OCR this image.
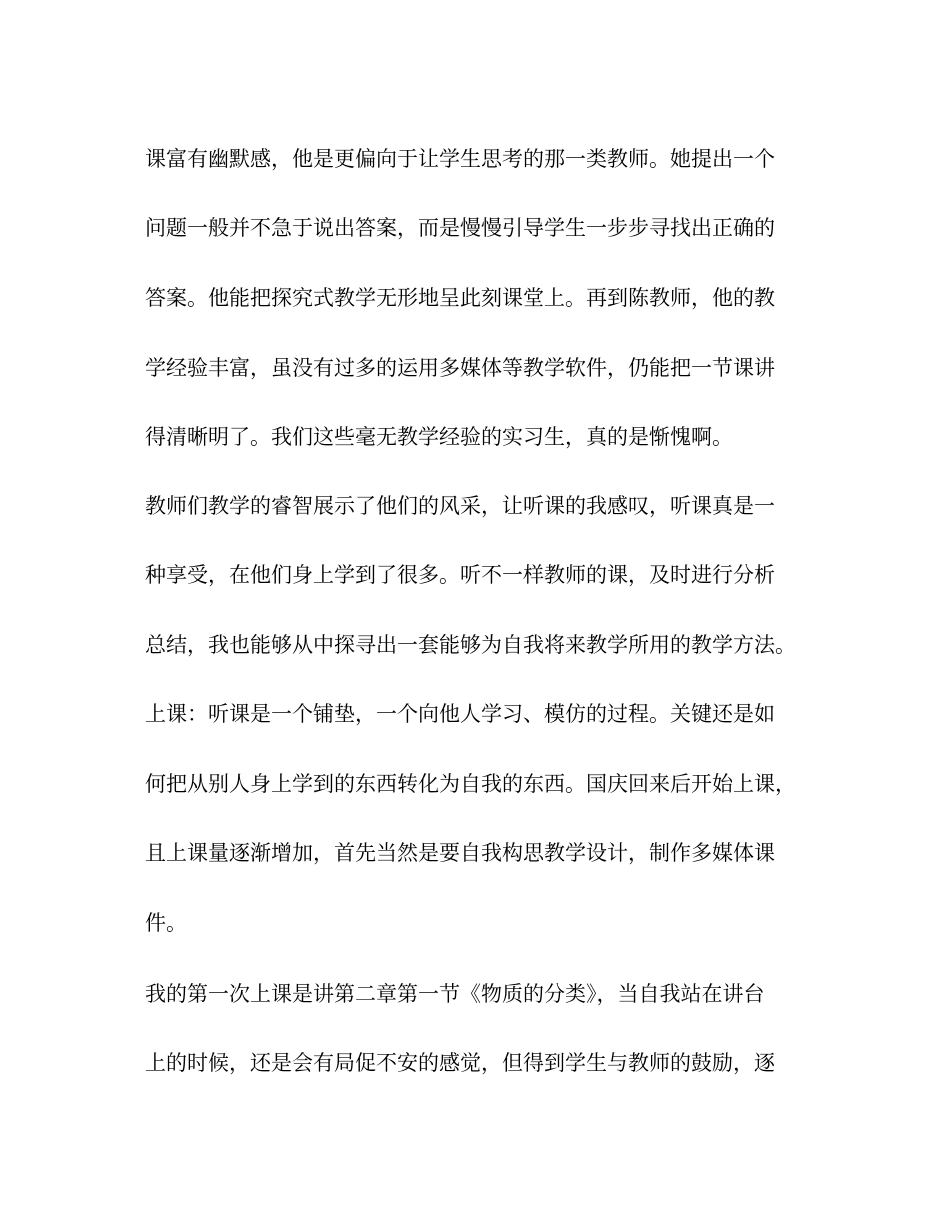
课富有幽默感，他是更偏向于让学生思考的那一类教师。她提出一个
问题一般并不急于说出答案，而是慢慢引导学生一步步寻找出正确的
答案。他能把探究式教学无形地呈此刻课堂上。再到陈教师，他的教
学经验丰富，虽没有过多的运用多媒体等教学软件，仍能把一节课讲
得清晰明了。我们这些毫无教学经验的实习生，真的是惭愧啊。
教师们教学的睿智展示了他们的风采，让听课的我感叹，听课真是一
种享受，在他们身上学到了很多。听不一样教师的课，及时进行分析
总结，我也能够从中探寻出一套能够为自我将来教学所用的教学方法。
上课：听课是一个铺垫，一个向他人学习、模仿的过程。关键还是如
何把从别人身上学到的东西转化为自我的东西。国庆回来后开始上课，
且上课量逐渐增加，首先当然是要自我构思教学设计，制作多媒体课
件。
我的第一次上课是讲第二章第一节《物质的分类》，当自我站在讲台
上的时候，还是会有局促不安的感觉，但得到学生与教师的鼓励，逐
